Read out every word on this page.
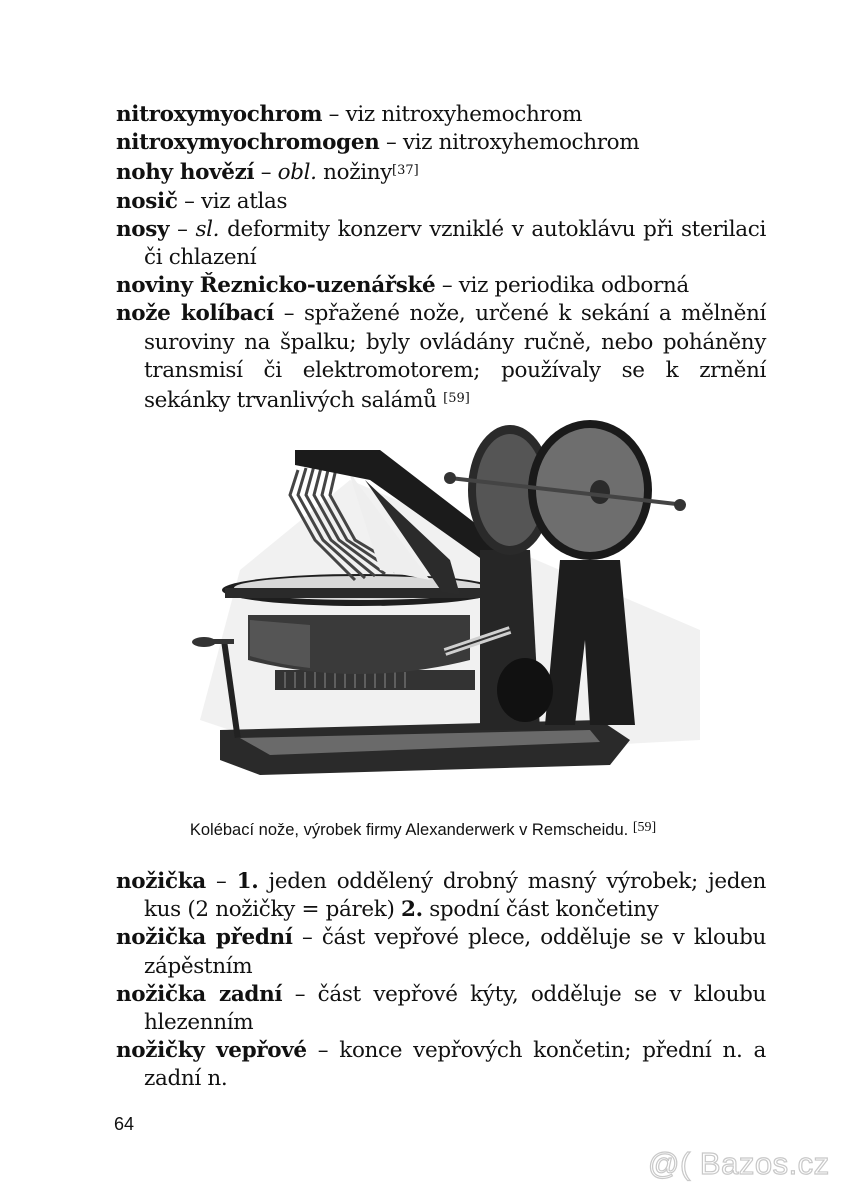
nitroxymyochrom – viz nitroxyhemochrom

nitroxymyochromogen – viz nitroxyhemochrom

nohy hovězí – obl. nožiny[37]

nosič – viz atlas

nosy – sl. deformity konzerv vzniklé v autoklávu při sterilaci či chlazení

noviny Řeznicko-uzenářské – viz periodika odborná

nože kolíbací – spřažené nože, určené k sekání a mělnění suroviny na špalku; byly ovládány ručně, nebo poháněny transmisí či elektromotorem; používaly se k zrnění sekánky trvanlivých salámů [59]

Kolébací nože, výrobek firmy Alexanderwerk v Remscheidu. [59]

nožička – 1. jeden oddělený drobný masný výrobek; jeden kus (2 nožičky = párek) 2. spodní část končetiny

nožička přední – část vepřové plece, odděluje se v kloubu zápěstním

nožička zadní – část vepřové kýty, odděluje se v kloubu hlezenním

nožičky vepřové – konce vepřových končetin; přední n. a zadní n.

64
@( Bazos.cz
